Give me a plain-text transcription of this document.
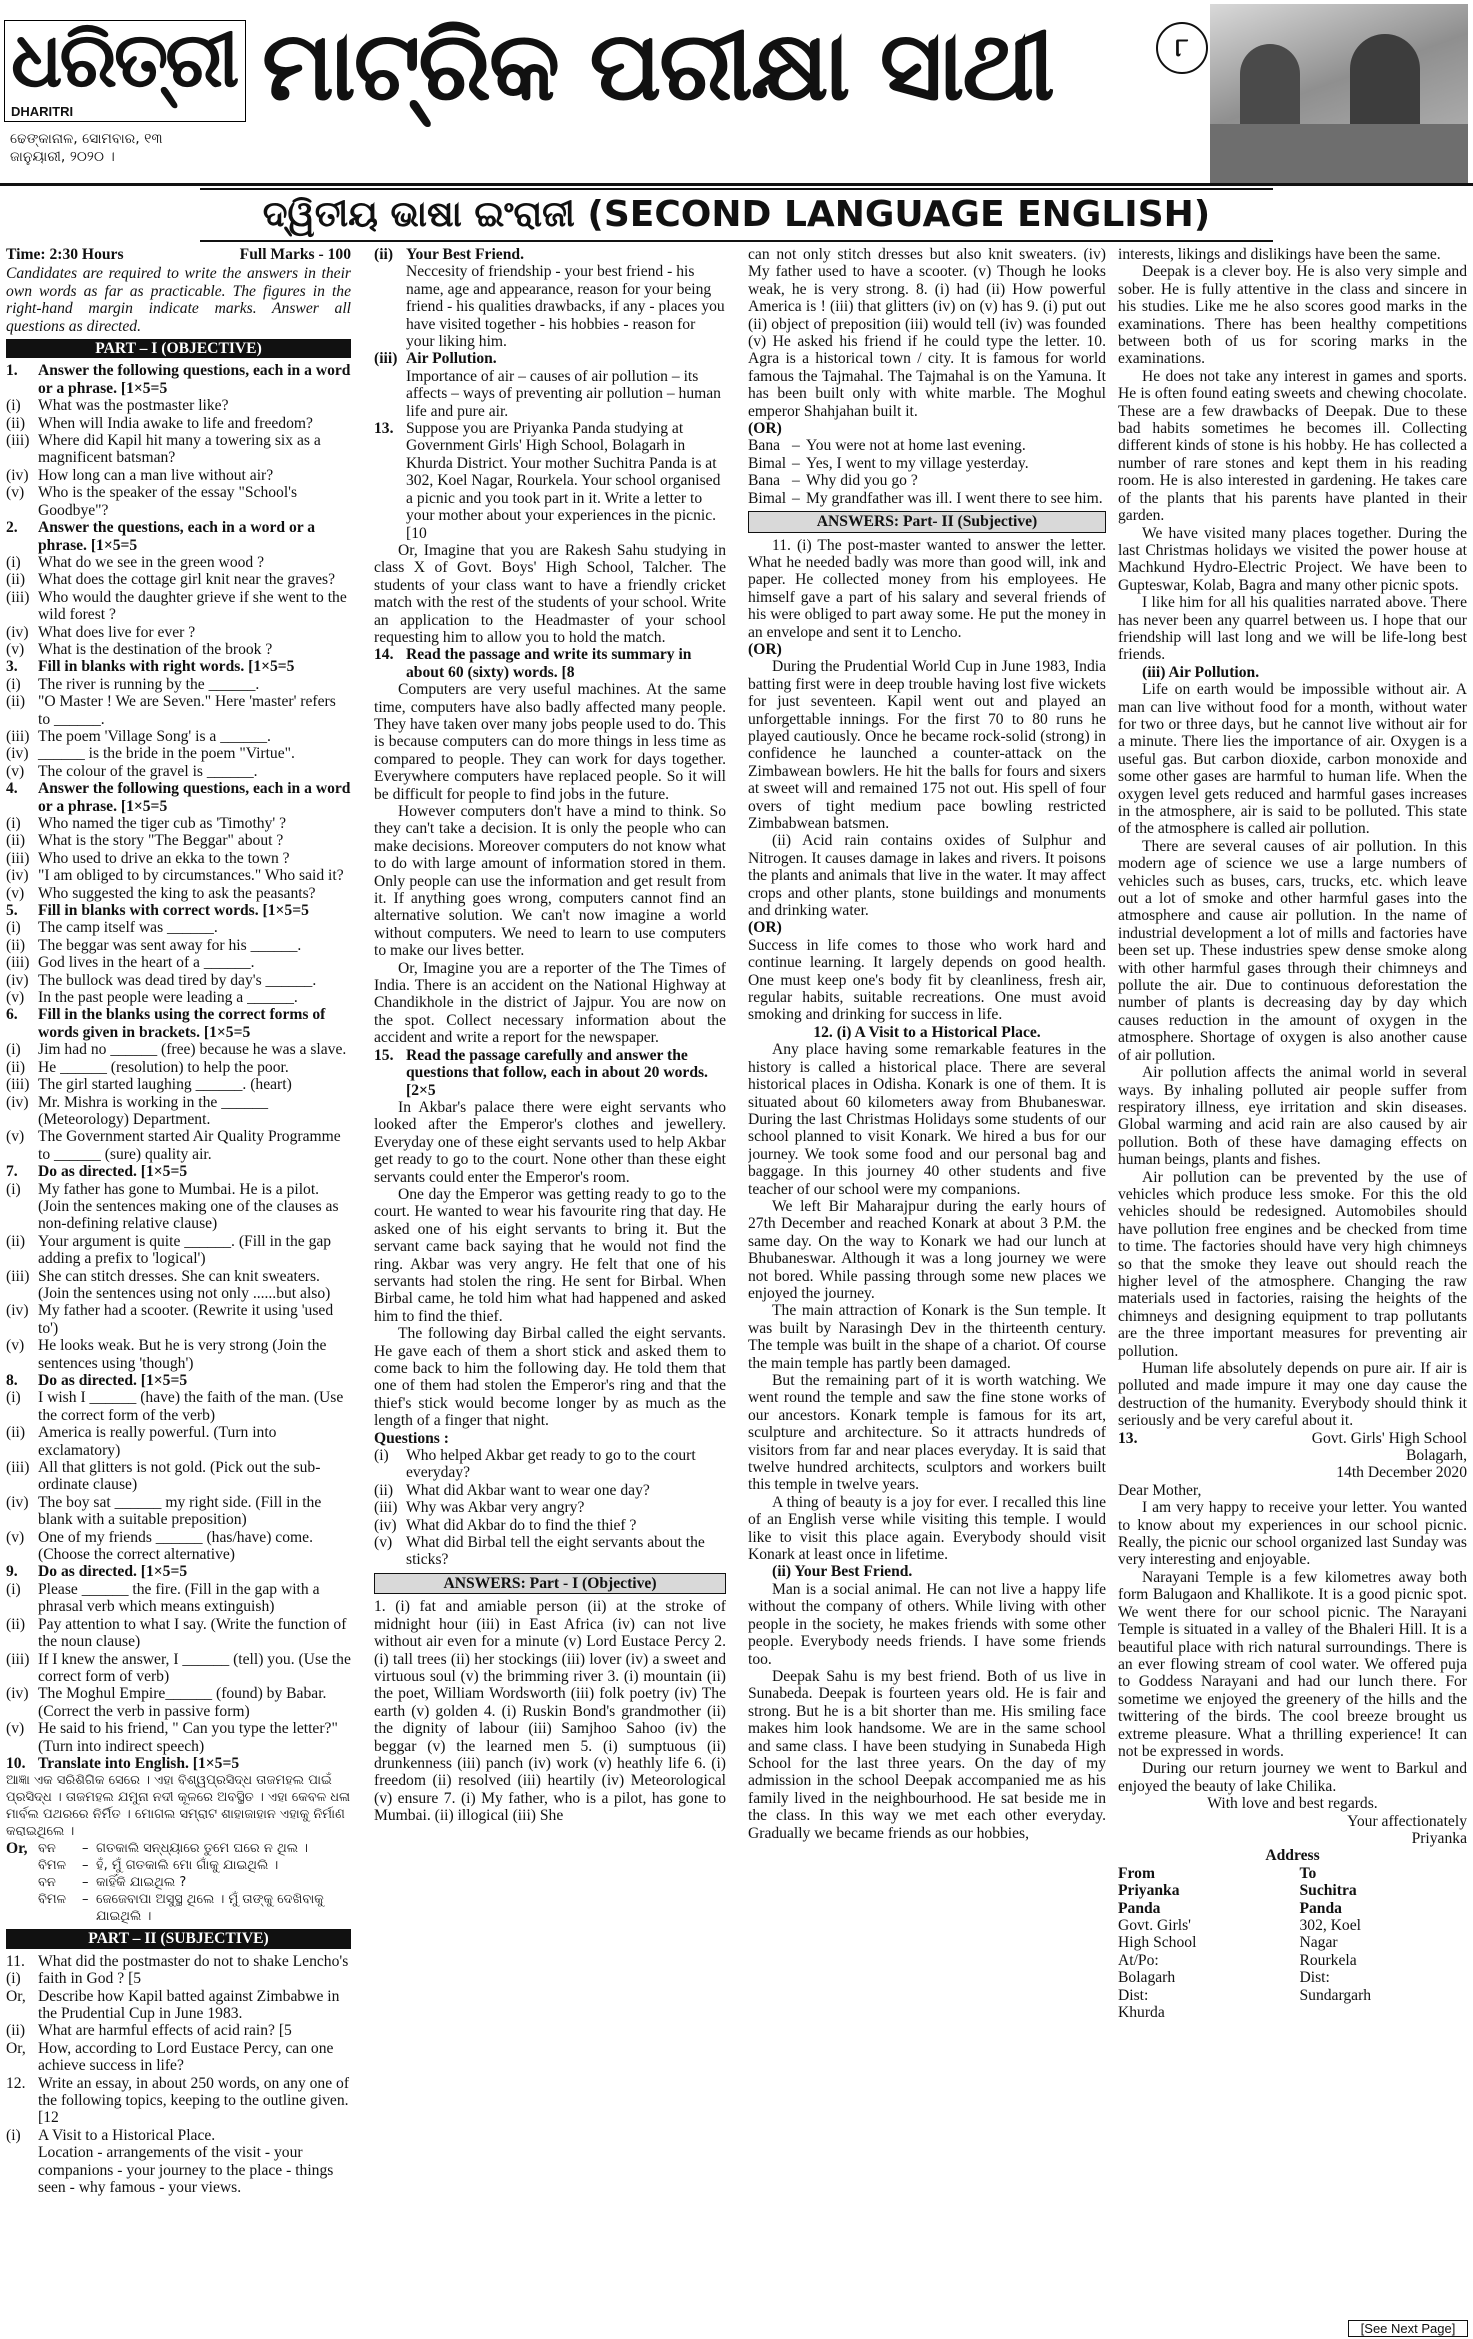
ଧରିତ୍ରୀ
DHARITRI
ଢେଙ୍କାନାଳ, ସୋମବାର, ୧୩
ଜାନୁୟାରୀ, ୨୦୨୦ ।
ମାଟ୍ରିକ ପରୀକ୍ଷା ସାଥୀ	୮
ଦ୍ୱିତୀୟ ଭାଷା ଇଂରାଜୀ (SECOND LANGUAGE ENGLISH)
Time: 2:30 Hours	Full Marks - 100
Candidates are required to write the answers in their own words as far as practicable. The figures in the right-hand margin indicate marks. Answer all questions as directed.
PART – I (OBJECTIVE)
1.	Answer the following questions, each in a word or a phrase. [1×5=5
(i)	What was the postmaster like?
(ii) When will India awake to life and freedom?
(iii) Where did Kapil hit many a towering six as a magnificent batsman?
(iv) How long can a man live without air?
(v) Who is the speaker of the essay "School's Goodbye"?
2.	Answer the questions, each in a word or a phrase. [1×5=5
(i)	What do we see in the green wood ?
(ii) What does the cottage girl knit near the graves?
(iii) Who would the daughter grieve if she went to the wild forest ?
(iv) What does live for ever ?
(v) What is the destination of the brook ?
3.	Fill in blanks with right words. [1×5=5
(i)	The river is running by the ______.
(ii) "O Master ! We are Seven." Here 'master' refers to ______.
(iii) The poem 'Village Song' is a ______.
(iv) ______ is the bride in the poem "Virtue".
(v) The colour of the gravel is ______.
4.	Answer the following questions, each in a word or a phrase. [1×5=5
(i)	Who named the tiger cub as 'Timothy' ?
(ii) What is the story "The Beggar" about ?
(iii) Who used to drive an ekka to the town ?
(iv) "I am obliged to by circumstances." Who said it?
(v) Who suggested the king to ask the peasants?
5.	Fill in blanks with correct words. [1×5=5
(i)	The camp itself was ______.
(ii) The beggar was sent away for his ______.
(iii) God lives in the heart of a ______.
(iv) The bullock was dead tired by day's ______.
(v) In the past people were leading a ______.
6.	Fill in the blanks using the correct forms of words given in brackets. [1×5=5
(i)	Jim had no ______ (free) because he was a slave.
(ii) He ______ (resolution) to help the poor.
(iii) The girl started laughing ______. (heart)
(iv) Mr. Mishra is working in the ______ (Meteorology) Department.
(v) The Government started Air Quality Programme to ______ (sure) quality air.
7.	Do as directed. [1×5=5
(i)	My father has gone to Mumbai. He is a pilot. (Join the sentences making one of the clauses as non-defining relative clause)
(ii) Your argument is quite ______. (Fill in the gap adding a prefix to 'logical')
(iii) She can stitch dresses. She can knit sweaters. (Join the sentences using not only ......but also)
(iv) My father had a scooter. (Rewrite it using 'used to')
(v) He looks weak. But he is very strong (Join the sentences using 'though')
8.	Do as directed. [1×5=5
(i)	I wish I ______ (have) the faith of the man. (Use the correct form of the verb)
(ii) America is really powerful. (Turn into exclamatory)
(iii) All that glitters is not gold. (Pick out the sub-ordinate clause)
(iv) The boy sat ______ my right side. (Fill in the blank with a suitable preposition)
(v) One of my friends ______ (has/have) come. (Choose the correct alternative)
9.	Do as directed. [1×5=5
(i)	Please ______ the fire. (Fill in the gap with a phrasal verb which means extinguish)
(ii) Pay attention to what I say. (Write the function of the noun clause)
(iii) If I knew the answer, I ______ (tell) you. (Use the correct form of verb)
(iv) The Moghul Empire______ (found) by Babar. (Correct the verb in passive form)
(v) He said to his friend, " Can you type the letter?" (Turn into indirect speech)
10. Translate into English. [1×5=5
ଆଜ୍ଞା ଏକ ସରିଶିଗିକ ସେରେ । ଏହା ବିଶ୍ୱପ୍ରସିଦ୍ଧ ତାଜମହଲ ପାଇଁ ପ୍ରସିଦ୍ଧ । ତାଜମହଲ ଯମୁନା ନଦୀ କୂଳରେ ଅବସ୍ଥିତ । ଏହା କେବଳ ଧଳା ମାର୍ବଲ ପଥରରେ ନିର୍ମିତ । ମୋଗଲ ସମ୍ରାଟ ଶାହାଜାହାନ ଏହାକୁ ନିର୍ମାଣ କରାଇଥିଲେ ।
Or, ବନ	– ଗତକାଲି ସନ୍ଧ୍ୟାରେ ତୁମେ ଘରେ ନ ଥିଲ ।
ବିମଳ	– ହଁ, ମୁଁ ଗତକାଲି ମୋ ଗାଁକୁ ଯାଇଥିଲି ।
ବନ	– କାହିଁକି ଯାଇଥିଲ ?
ବିମଳ	– ଜେଜେବାପା ଅସୁସ୍ଥ ଥିଲେ । ମୁଁ ତାଙ୍କୁ ଦେଖିବାକୁ ଯାଇଥିଲି ।
PART – II (SUBJECTIVE)
11.(i)
What did the postmaster do not to shake Lencho's faith in God ? [5
Or, Describe how Kapil batted against Zimbabwe in the Prudential Cup in June 1983.
(ii) What are harmful effects of acid rain? [5
Or, How, according to Lord Eustace Percy, can one achieve success in life?
12. Write an essay, in about 250 words, on any one of the following topics, keeping to the outline given. [12
(i)	A Visit to a Historical Place.
Location - arrangements of the visit - your companions - your journey to the place - things seen - why famous - your views.
(ii) Your Best Friend.
Neccesity of friendship - your best friend - his name, age and appearance, reason for your being friend - his qualities drawbacks, if any - places you have visited together - his hobbies - reason for your liking him.
(iii) Air Pollution.
Importance of air – causes of air pollution – its affects – ways of preventing air pollution – human life and pure air.
13. Suppose you are Priyanka Panda studying at Government Girls' High School, Bolagarh in Khurda District. Your mother Suchitra Panda is at 302, Koel Nagar, Rourkela. Your school organised a picnic and you took part in it. Write a letter to your mother about your experiences in the picnic. [10

Or, Imagine that you are Rakesh Sahu studying in class X of Govt. Boys' High School, Talcher. The students of your class want to have a friendly cricket match with the rest of the students of your school. Write an application to the Headmaster of your school requesting him to allow you to hold the match.

14. Read the passage and write its summary in about 60 (sixty) words. [8

Computers are very useful machines. At the same time, computers have also badly affected many people. They have taken over many jobs people used to do. This is because computers can do more things in less time as compared to people. They can work for days together. Everywhere computers have replaced people. So it will be difficult for people to find jobs in the future.

However computers don't have a mind to think. So they can't take a decision. It is only the people who can make decisions. Moreover computers do not know what to do with large amount of information stored in them. Only people can use the information and get result from it. If anything goes wrong, computers cannot find an alternative solution. We can't now imagine a world without computers. We need to learn to use computers to make our lives better.

Or, Imagine you are a reporter of the The Times of India. There is an accident on the National Highway at Chandikhole in the district of Jajpur. You are now on the spot. Collect necessary information about the accident and write a report for the newspaper.

15. Read the passage carefully and answer the questions that follow, each in about 20 words. [2×5

In Akbar's palace there were eight servants who looked after the Emperor's clothes and jewellery. Everyday one of these eight servants used to help Akbar get ready to go to the court. None other than these eight servants could enter the Emperor's room.

One day the Emperor was getting ready to go to the court. He wanted to wear his favourite ring that day. He asked one of his eight servants to bring it. But the servant came back saying that he would not find the ring. Akbar was very angry. He felt that one of his servants had stolen the ring. He sent for Birbal. When Birbal came, he told him what had happened and asked him to find the thief.

The following day Birbal called the eight servants. He gave each of them a short stick and asked them to come back to him the following day. He told them that one of them had stolen the Emperor's ring and that the thief's stick would become longer by as much as the length of a finger that night.

Questions :
(i)	Who helped Akbar get ready to go to the court everyday?
(ii) What did Akbar want to wear one day?
(iii) Why was Akbar very angry?
(iv) What did Akbar do to find the thief ?
(v) What did Birbal tell the eight servants about the sticks?
ANSWERS: Part - I (Objective)

1. (i) fat and amiable person (ii) at the stroke of midnight hour (iii) in East Africa (iv) can not live without air even for a minute (v) Lord Eustace Percy 2. (i) tall trees (ii) her stockings (iii) lover (iv) a sweet and virtuous soul (v) the brimming river 3. (i) mountain (ii) the poet, William Wordsworth (iii) folk poetry (iv) The earth (v) golden 4. (i) Ruskin Bond's grandmother (ii) the dignity of labour (iii) Samjhoo Sahoo (iv) the beggar (v) the learned men 5. (i) sumptuous (ii) drunkenness (iii) panch (iv) work (v) heathly life 6. (i) freedom (ii) resolved (iii) heartily (iv) Meteorological (v) ensure 7. (i) My father, who is a pilot, has gone to Mumbai. (ii) illogical (iii) She

can not only stitch dresses but also knit sweaters. (iv) My father used to have a scooter. (v) Though he looks weak, he is very strong. 8. (i) had (ii) How powerful America is ! (iii) that glitters (iv) on (v) has 9. (i) put out (ii) object of preposition (iii) would tell (iv) was founded (v) He asked his friend if he could type the letter. 10. Agra is a historical town / city. It is famous for world famous the Tajmahal. The Tajmahal is on the Yamuna. It has been built only with white marble. The Moghul emperor Shahjahan built it.

(OR)
Bana – You were not at home last evening.
Bimal – Yes, I went to my village yesterday.
Bana – Why did you go ?
Bimal – My grandfather was ill. I went there to see him.
ANSWERS: Part- II (Subjective)

11. (i) The post-master wanted to answer the letter. What he needed badly was more than good will, ink and paper. He collected money from his employees. He himself gave a part of his salary and several friends of his were obliged to part away some. He put the money in an envelope and sent it to Lencho.

(OR)

During the Prudential World Cup in June 1983, India batting first were in deep trouble having lost five wickets for just seventeen. Kapil went out and played an unforgettable innings. For the first 70 to 80 runs he played cautiously. Once he became rock-solid (strong) in confidence he launched a counter-attack on the Zimbawean bowlers. He hit the balls for fours and sixers at sweet will and remained 175 not out. His spell of four overs of tight medium pace bowling restricted Zimbabwean batsmen.

(ii) Acid rain contains oxides of Sulphur and Nitrogen. It causes damage in lakes and rivers. It poisons the plants and animals that live in the water. It may affect crops and other plants, stone buildings and monuments and drinking water.

(OR)

Success in life comes to those who work hard and continue learning. It largely depends on good health. One must keep one's body fit by cleanliness, fresh air, regular habits, suitable recreations. One must avoid smoking and drinking for success in life.

12. (i) A Visit to a Historical Place.

Any place having some remarkable features in the history is called a historical place. There are several historical places in Odisha. Konark is one of them. It is situated about 60 kilometers away from Bhubaneswar. During the last Christmas Holidays some students of our school planned to visit Konark. We hired a bus for our journey. We took some food and our personal bag and baggage. In this journey 40 other students and five teacher of our school were my companions.

We left Bir Maharajpur during the early hours of 27th December and reached Konark at about 3 P.M. the same day. On the way to Konark we had our lunch at Bhubaneswar. Although it was a long journey we were not bored. While passing through some new places we enjoyed the journey.

The main attraction of Konark is the Sun temple. It was built by Narasingh Dev in the thirteenth century. The temple was built in the shape of a chariot. Of course the main temple has partly been damaged.

But the remaining part of it is worth watching. We went round the temple and saw the fine stone works of our ancestors. Konark temple is famous for its art, sculpture and architecture. So it attracts hundreds of visitors from far and near places everyday. It is said that twelve hundred architects, sculptors and workers built this temple in twelve years.

A thing of beauty is a joy for ever. I recalled this line of an English verse while visiting this temple. I would like to visit this place again. Everybody should visit Konark at least once in lifetime.

(ii) Your Best Friend.

Man is a social animal. He can not live a happy life without the company of others. While living with other people in the society, he makes friends with some other people. Everybody needs friends. I have some friends too.

Deepak Sahu is my best friend. Both of us live in Sunabeda. Deepak is fourteen years old. He is fair and strong. But he is a bit shorter than me. His smiling face makes him look handsome. We are in the same school and same class. I have been studying in Sunabeda High School for the last three years. On the day of my admission in the school Deepak accompanied me as his family lived in the neighbourhood. He sat beside me in the class. In this way we met each other everyday. Gradually we became friends as our hobbies,

interests, likings and dislikings have been the same.

Deepak is a clever boy. He is also very simple and sober. He is fully attentive in the class and sincere in his studies. Like me he also scores good marks in the examinations. There has been healthy competitions between both of us for scoring marks in the examinations.

He does not take any interest in games and sports. He is often found eating sweets and chewing chocolate. These are a few drawbacks of Deepak. Due to these bad habits sometimes he becomes ill. Collecting different kinds of stone is his hobby. He has collected a number of rare stones and kept them in his reading room. He is also interested in gardening. He takes care of the plants that his parents have planted in their garden.

We have visited many places together. During the last Christmas holidays we visited the power house at Machkund Hydro-Electric Project. We have been to Gupteswar, Kolab, Bagra and many other picnic spots.

I like him for all his qualities narrated above. There has never been any quarrel between us. I hope that our friendship will last long and we will be life-long best friends.

(iii) Air Pollution.

Life on earth would be impossible without air. A man can live without food for a month, without water for two or three days, but he cannot live without air for a minute. There lies the importance of air. Oxygen is a useful gas. But carbon dioxide, carbon monoxide and some other gases are harmful to human life. When the oxygen level gets reduced and harmful gases increases in the atmosphere, air is said to be polluted. This state of the atmosphere is called air pollution.

There are several causes of air pollution. In this modern age of science we use a large numbers of vehicles such as buses, cars, trucks, etc. which leave out a lot of smoke and other harmful gases into the atmosphere and cause air pollution. In the name of industrial development a lot of mills and factories have been set up. These industries spew dense smoke along with other harmful gases through their chimneys and pollute the air. Due to continuous deforestation the number of plants is decreasing day by day which causes reduction in the amount of oxygen in the atmosphere. Shortage of oxygen is also another cause of air pollution.

Air pollution affects the animal world in several ways. By inhaling polluted air people suffer from respiratory illness, eye irritation and skin diseases. Global warming and acid rain are also caused by air pollution. Both of these have damaging effects on human beings, plants and fishes.

Air pollution can be prevented by the use of vehicles which produce less smoke. For this the old vehicles should be redesigned. Automobiles should have pollution free engines and be checked from time to time. The factories should have very high chimneys so that the smoke they leave out should reach the higher level of the atmosphere. Changing the raw materials used in factories, raising the heights of the chimneys and designing equipment to trap pollutants are the three important measures for preventing air pollution.

Human life absolutely depends on pure air. If air is polluted and made impure it may one day cause the destruction of the humanity. Everybody should think it seriously and be very careful about it.

13.	Govt. Girls' High School
Bolagarh,
14th December 2020
Dear Mother,

I am very happy to receive your letter. You wanted to know about my experiences in our school picnic. Really, the picnic our school organized last Sunday was very interesting and enjoyable.

Narayani Temple is a few kilometres away both form Balugaon and Khallikote. It is a good picnic spot. We went there for our school picnic. The Narayani Temple is situated in a valley of the Bhaleri Hill. It is a beautiful place with rich natural surroundings. There is an ever flowing stream of cool water. We offered puja to Goddess Narayani and had our lunch there. For sometime we enjoyed the greenery of the hills and the twittering of the birds. The cool breeze brought us extreme pleasure. What a thrilling experience! It can not be expressed in words.

During our return journey we went to Barkul and enjoyed the beauty of lake Chilika.

With love and best regards.
Your affectionately
Priyanka
Address
From
Priyanka Panda
Govt. Girls' High School
At/Po: Bolagarh
Dist: Khurda
To
Suchitra Panda
302, Koel Nagar
Rourkela
Dist: Sundargarh
[See Next Page]
